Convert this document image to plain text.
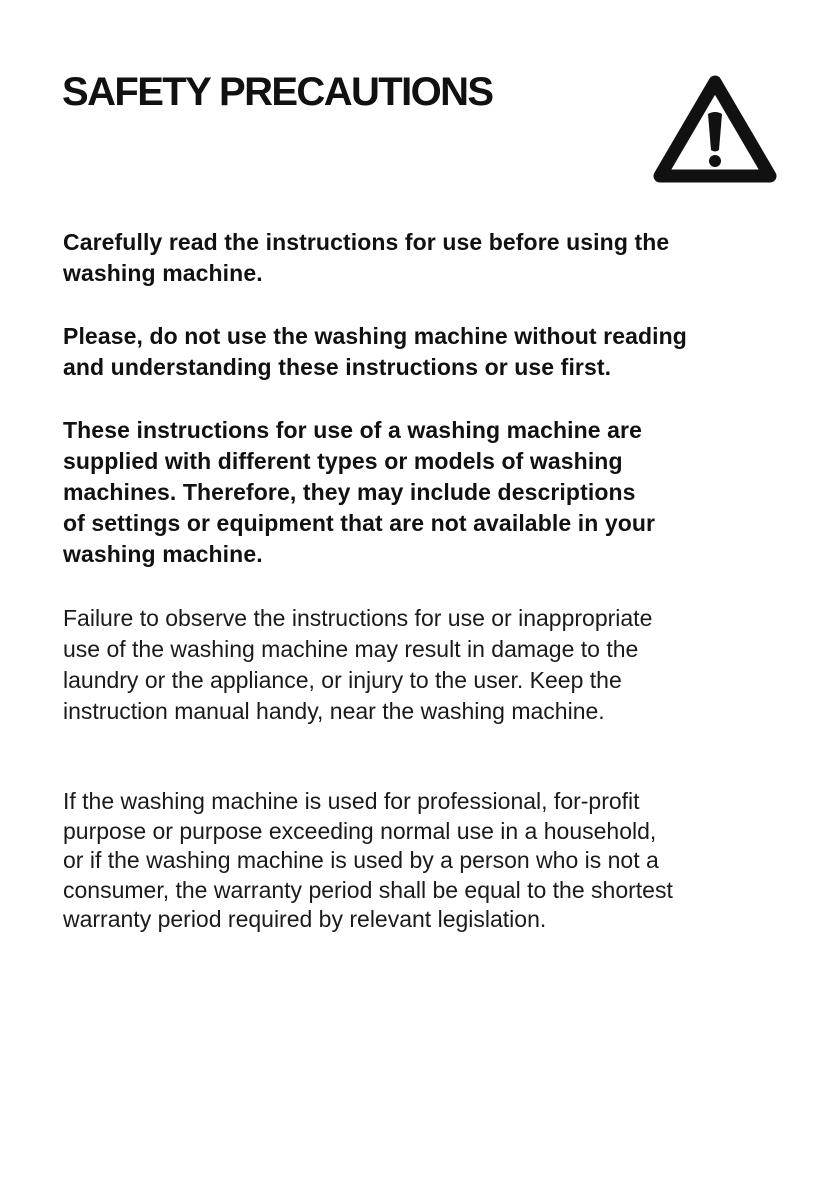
SAFETY PRECAUTIONS
Carefully read the instructions for use before using the
washing machine.
Please, do not use the washing machine without reading
and understanding these instructions or use first.
These instructions for use of a washing machine are
supplied with different types or models of washing
machines. Therefore, they may include descriptions
of settings or equipment that are not available in your
washing machine.
Failure to observe the instructions for use or inappropriate
use of the washing machine may result in damage to the
laundry or the appliance, or injury to the user. Keep the
instruction manual handy, near the washing machine.
If the washing machine is used for professional, for-profit
purpose or purpose exceeding normal use in a household,
or if the washing machine is used by a person who is not a
consumer, the warranty period shall be equal to the shortest
warranty period required by relevant legislation.
